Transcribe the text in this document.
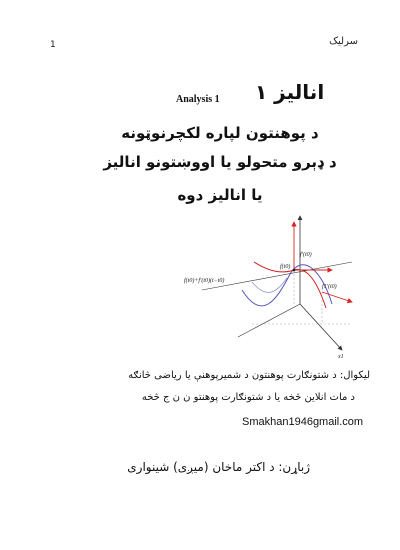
سرلیک
1
انالیز ۱
Analysis 1
د پوهنتون لپاره لکچرنوټونه
د ډېرو متحولو یا اووښتونو انالیز
یا انالیز دوه
f(t0)+f'(t0)(t−t0)
f(t0)
f'(t0)
f1'(t0)
x1
لیکوال: د شتونګارت پوهنتون د شمیرپوهنې یا ریاضی څانګه
د مات انلاین څخه یا د شتونګارت پوهنتو ن ن ج څخه
Smakhan1946gmail.com
ژباړن: د اکتر ماخان (میږی) شینواری
